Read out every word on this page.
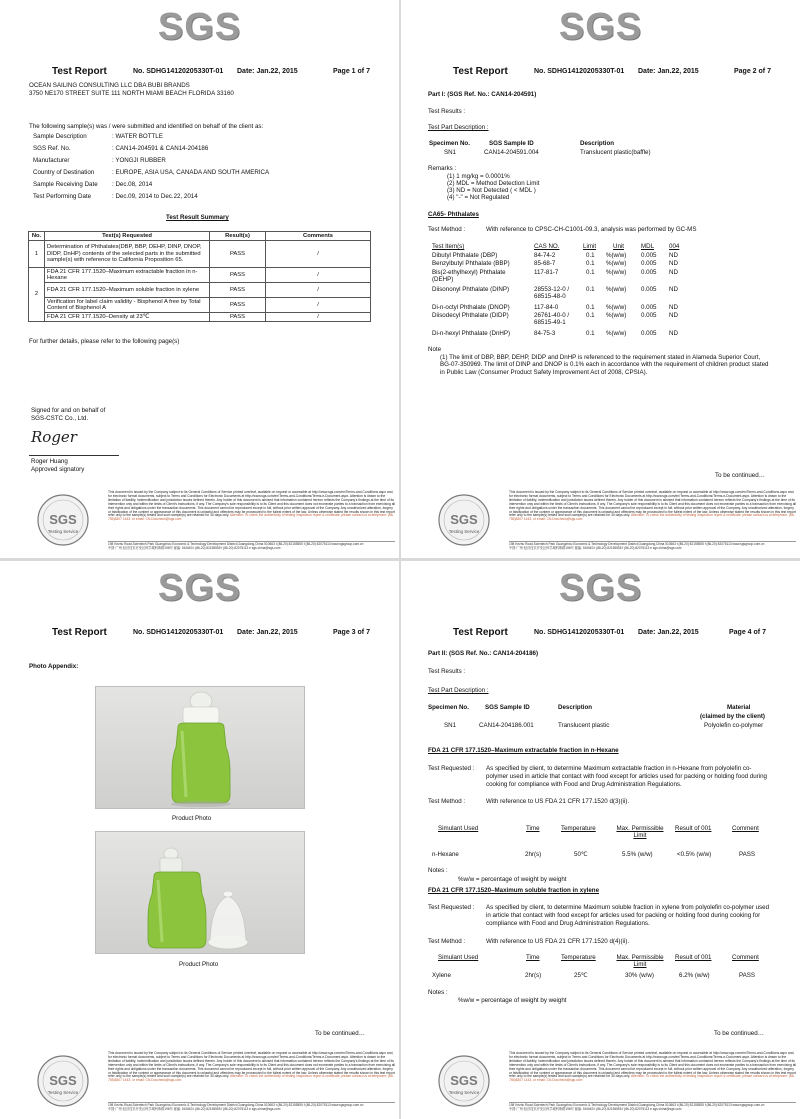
SGS
Test Report	No. SDHG14120205330T-01 Date: Jan.22, 2015	Page 1 of 7
OCEAN SAILING CONSULTING LLC DBA BUBI BRANDS
3750 NE170 STREET SUITE 111 NORTH MIAMI BEACH FLORIDA 33160
The following sample(s) was / were submitted and identified on behalf of the client as:
Sample Description	: WATER BOTTLE
SGS Ref. No.	: CAN14-204591 & CAN14-204186
Manufacturer	: YONGJI RUBBER
Country of Destination	: EUROPE, ASIA USA, CANADA AND SOUTH AMERICA
Sample Receiving Date : Dec.08, 2014
Test Performing Date	: Dec.09, 2014 to Dec.22, 2014
Test Result Summary
No.	Test(s) Requested	Result(s)	Comments
1	Determination of Phthalates(DBP, BBP, DEHP, DINP, DNOP, DIDP, DnHP) contents of the selected parts in the submitted sample(s) with reference to California Proposition 65.	PASS	/
2	FDA 21 CFR 177.1520–Maximum extractable fraction in n-Hexane	PASS	/
	FDA 21 CFR 177.1520–Maximum soluble fraction in xylene	PASS	/
	Verification for label claim validity - Bisphenol A free by Total Content of Bisphenol A	PASS	/
	FDA 21 CFR 177.1520–Density at 23℃	PASS	/
For further details, please refer to the following page(s)
Signed for and on behalf of
SGS-CSTC Co., Ltd.
Roger
Roger Huang
Approved signatory
SGS
Testing Service
This document is issued by the Company subject to its General Conditions of Service printed overleaf, available on request or accessible at http://www.sgs.com/en/Terms-and-Conditions.aspx and, for electronic format documents, subject to Terms and Conditions for Electronic Documents at http://www.sgs.com/en/Terms-and-Conditions/Terms-e-Document.aspx. Attention is drawn to the limitation of liability, indemnification and jurisdiction issues defined therein. Any holder of this document is advised that information contained hereon reflects the Company's findings at the time of its intervention only and within the limits of Client's instructions, if any. The Company's sole responsibility is to its Client and this document does not exonerate parties to a transaction from exercising all their rights and obligations under the transaction documents. This document cannot be reproduced except in full, without prior written approval of the Company. Any unauthorized alteration, forgery or falsification of the content or appearance of this document is unlawful and offenders may be prosecuted to the fullest extent of the law. Unless otherwise stated the results shown in this test report refer only to the sample(s) tested and such sample(s) are retained for 30 days only. Attention: To check the authenticity of testing /inspection report & certificate, please contact us at telephone: (86-755)8307 1443, or email: CN.Doccheck@sgs.com
198 Kezhu Road,Scientech Park Guangzhou Economic & Technology Development District,Guangdong,China 510663 t (86-20) 82155555 f (86-20) 82075113 www.sgsgroup.com.cn
中国·广州·经济技术开发区科学城科珠路198号 邮编: 510663 t (86-20) 82155555 f (86-20) 82075113 e sgs.china@sgs.com
SGS
Test Report	No. SDHG14120205330T-01 Date: Jan.22, 2015	Page 2 of 7
Part I: (SGS Ref. No.: CAN14-204591)
Test Results :
Test Part Description :
Specimen No.	SGS Sample ID	Description
SN1	CAN14-204591.004	Translucent plastic(baffle)
Remarks :
(1) 1 mg/kg = 0.0001%
(2) MDL = Method Detection Limit
(3) ND = Not Detected ( < MDL )
(4) "-" = Not Regulated
CA65- Phthalates
Test Method :	With reference to CPSC-CH-C1001-09.3, analysis was performed by GC-MS
Test Item(s)	CAS NO.	Limit	Unit	MDL 004
Dibutyl Phthalate (DBP)	84-74-2	0.1 %(w/w) 0.005 ND
Benzylbutyl Phthalate (BBP)	85-68-7	0.1 %(w/w) 0.005 ND
Bis(2-ethylhexyl) Phthalate (DEHP)
117-81-7	0.1 %(w/w) 0.005 ND
Diisononyl Phthalate (DINP)	28553-12-0 / 68515-48-0
0.1 %(w/w) 0.005 ND
Di-n-octyl Phthalate (DNOP)	117-84-0	0.1 %(w/w) 0.005 ND
Diisodecyl Phthalate (DIDP)	26761-40-0 / 68515-49-1
0.1 %(w/w) 0.005 ND
Di-n-hexyl Phthalate (DnHP)	84-75-3	0.1 %(w/w) 0.005 ND
Note
(1) The limit of DBP, BBP, DEHP, DIDP and DnHP is referenced to the requirement stated in Alameda Superior Court, BG-07-350969. The limit of DINP and DNOP is 0.1% each in accordance with the requirement of children product stated in Public Law (Consumer Product Safety Improvement Act of 2008, CPSIA).
To be continued…
SGS
Testing Service
This document is issued by the Company subject to its General Conditions of Service printed overleaf, available on request or accessible at http://www.sgs.com/en/Terms-and-Conditions.aspx and, for electronic format documents, subject to Terms and Conditions for Electronic Documents at http://www.sgs.com/en/Terms-and-Conditions/Terms-e-Document.aspx. Attention is drawn to the limitation of liability, indemnification and jurisdiction issues defined therein. Any holder of this document is advised that information contained hereon reflects the Company's findings at the time of its intervention only and within the limits of Client's instructions, if any. The Company's sole responsibility is to its Client and this document does not exonerate parties to a transaction from exercising all their rights and obligations under the transaction documents. This document cannot be reproduced except in full, without prior written approval of the Company. Any unauthorized alteration, forgery or falsification of the content or appearance of this document is unlawful and offenders may be prosecuted to the fullest extent of the law. Unless otherwise stated the results shown in this test report refer only to the sample(s) tested and such sample(s) are retained for 30 days only. Attention: To check the authenticity of testing /inspection report & certificate, please contact us at telephone: (86-755)8307 1443, or email: CN.Doccheck@sgs.com
198 Kezhu Road,Scientech Park Guangzhou Economic & Technology Development District,Guangdong,China 510663 t (86-20) 82155555 f (86-20) 82075113 www.sgsgroup.com.cn
中国·广州·经济技术开发区科学城科珠路198号 邮编: 510663 t (86-20) 82155555 f (86-20) 82075113 e sgs.china@sgs.com
SGS
Test Report	No. SDHG14120205330T-01 Date: Jan.22, 2015	Page 3 of 7
Photo Appendix:
Product Photo
Product Photo
To be continued…
SGS
Testing Service
This document is issued by the Company subject to its General Conditions of Service printed overleaf, available on request or accessible at http://www.sgs.com/en/Terms-and-Conditions.aspx and, for electronic format documents, subject to Terms and Conditions for Electronic Documents at http://www.sgs.com/en/Terms-and-Conditions/Terms-e-Document.aspx. Attention is drawn to the limitation of liability, indemnification and jurisdiction issues defined therein. Any holder of this document is advised that information contained hereon reflects the Company's findings at the time of its intervention only and within the limits of Client's instructions, if any. The Company's sole responsibility is to its Client and this document does not exonerate parties to a transaction from exercising all their rights and obligations under the transaction documents. This document cannot be reproduced except in full, without prior written approval of the Company. Any unauthorized alteration, forgery or falsification of the content or appearance of this document is unlawful and offenders may be prosecuted to the fullest extent of the law. Unless otherwise stated the results shown in this test report refer only to the sample(s) tested and such sample(s) are retained for 30 days only. Attention: To check the authenticity of testing /inspection report & certificate, please contact us at telephone: (86-755)8307 1443, or email: CN.Doccheck@sgs.com
198 Kezhu Road,Scientech Park Guangzhou Economic & Technology Development District,Guangdong,China 510663 t (86-20) 82155555 f (86-20) 82075113 www.sgsgroup.com.cn
中国·广州·经济技术开发区科学城科珠路198号 邮编: 510663 t (86-20) 82155555 f (86-20) 82075113 e sgs.china@sgs.com
SGS
Test Report	No. SDHG14120205330T-01 Date: Jan.22, 2015	Page 4 of 7
Part II: (SGS Ref. No.: CAN14-204186)
Test Results :
Test Part Description :
Specimen No.	SGS Sample ID	Description	Material
(claimed by the client)
SN1	CAN14-204186.001	Translucent plastic	Polyolefin co-polymer
FDA 21 CFR 177.1520–Maximum extractable fraction in n-Hexane
Test Requested : As specified by client, to determine Maximum extractable fraction in n-Hexane from polyolefin co-polymer used in article that contact with food except for articles used for packing or holding food during cooking for compliance with Food and Drug Administration Regulations.
Test Method :	With reference to US FDA 21 CFR 177.1520 d(3)(ii).
Simulant Used	Time	Temperature	Max. Permissible Limit
Result of 001	Comment
n-Hexane	2hr(s)	50℃	5.5% (w/w)	<0.5% (w/w)	PASS
Notes :
%w/w = percentage of weight by weight
FDA 21 CFR 177.1520–Maximum soluble fraction in xylene
Test Requested : As specified by client, to determine Maximum soluble fraction in xylene from polyolefin co-polymer used in article that contact with food except for articles used for packing or holding food during cooking for compliance with Food and Drug Administration Regulations.
Test Method :	With reference to US FDA 21 CFR 177.1520 d(4)(ii).
Simulant Used	Time	Temperature	Max. Permissible Limit
Result of 001	Comment
Xylene	2hr(s)	25℃	30% (w/w)	6.2% (w/w)	PASS
Notes :
%w/w = percentage of weight by weight
To be continued…
SGS
Testing Service
This document is issued by the Company subject to its General Conditions of Service printed overleaf, available on request or accessible at http://www.sgs.com/en/Terms-and-Conditions.aspx and, for electronic format documents, subject to Terms and Conditions for Electronic Documents at http://www.sgs.com/en/Terms-and-Conditions/Terms-e-Document.aspx. Attention is drawn to the limitation of liability, indemnification and jurisdiction issues defined therein. Any holder of this document is advised that information contained hereon reflects the Company's findings at the time of its intervention only and within the limits of Client's instructions, if any. The Company's sole responsibility is to its Client and this document does not exonerate parties to a transaction from exercising all their rights and obligations under the transaction documents. This document cannot be reproduced except in full, without prior written approval of the Company. Any unauthorized alteration, forgery or falsification of the content or appearance of this document is unlawful and offenders may be prosecuted to the fullest extent of the law. Unless otherwise stated the results shown in this test report refer only to the sample(s) tested and such sample(s) are retained for 30 days only. Attention: To check the authenticity of testing /inspection report & certificate, please contact us at telephone: (86-755)8307 1443, or email: CN.Doccheck@sgs.com
198 Kezhu Road,Scientech Park Guangzhou Economic & Technology Development District,Guangdong,China 510663 t (86-20) 82155555 f (86-20) 82075113 www.sgsgroup.com.cn
中国·广州·经济技术开发区科学城科珠路198号 邮编: 510663 t (86-20) 82155555 f (86-20) 82075113 e sgs.china@sgs.com
